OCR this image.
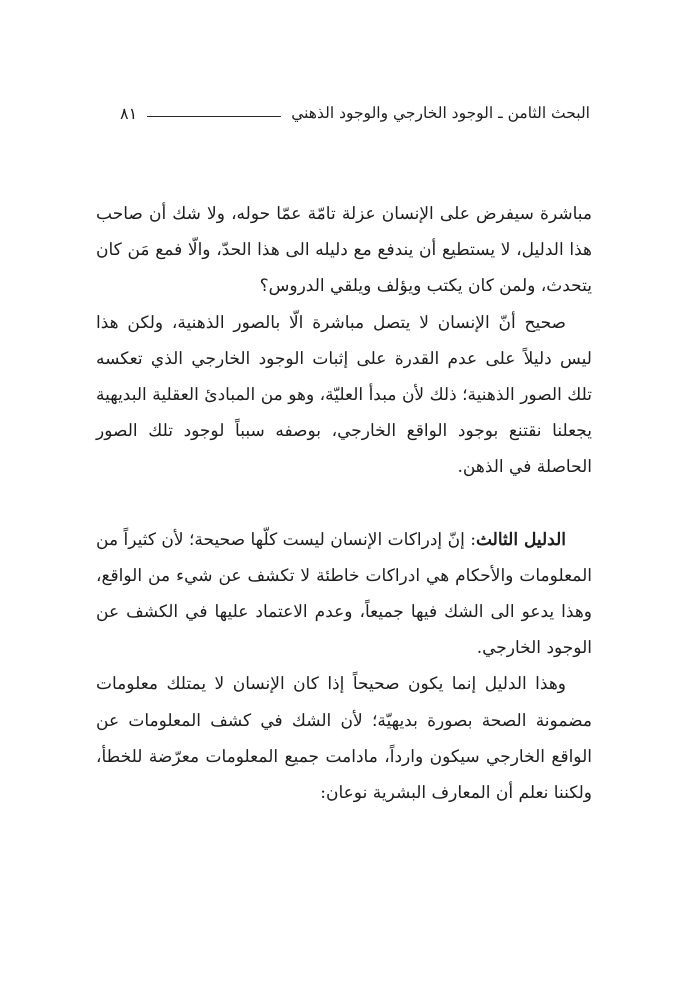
البحث الثامن ـ الوجود الخارجي والوجود الذهني
٨١

مباشرة سيفرض على الإنسان عزلة تامّة عمّا حوله، ولا شك أن صاحب هذا الدليل، لا يستطيع أن يندفع مع دليله الى هذا الحدّ، والّا فمع مَن كان يتحدث، ولمن كان يكتب ويؤلف ويلقي الدروس؟

صحيح أنّ الإنسان لا يتصل مباشرة الّا بالصور الذهنية، ولكن هذا ليس دليلاً على عدم القدرة على إثبات الوجود الخارجي الذي تعكسه تلك الصور الذهنية؛ ذلك لأن مبدأ العليّة، وهو من المبادئ العقلية البديهية يجعلنا نقتنع بوجود الواقع الخارجي، بوصفه سبباً لوجود تلك الصور الحاصلة في الذهن.

الدليل الثالث: إنّ إدراكات الإنسان ليست كلّها صحيحة؛ لأن كثيراً من المعلومات والأحكام هي ادراكات خاطئة لا تكشف عن شيء من الواقع، وهذا يدعو الى الشك فيها جميعاً، وعدم الاعتماد عليها في الكشف عن الوجود الخارجي.

وهذا الدليل إنما يكون صحيحاً إذا كان الإنسان لا يمتلك معلومات مضمونة الصحة بصورة بديهيّة؛ لأن الشك في كشف المعلومات عن الواقع الخارجي سيكون وارداً، مادامت جميع المعلومات معرّضة للخطأ، ولكننا نعلم أن المعارف البشرية نوعان:
